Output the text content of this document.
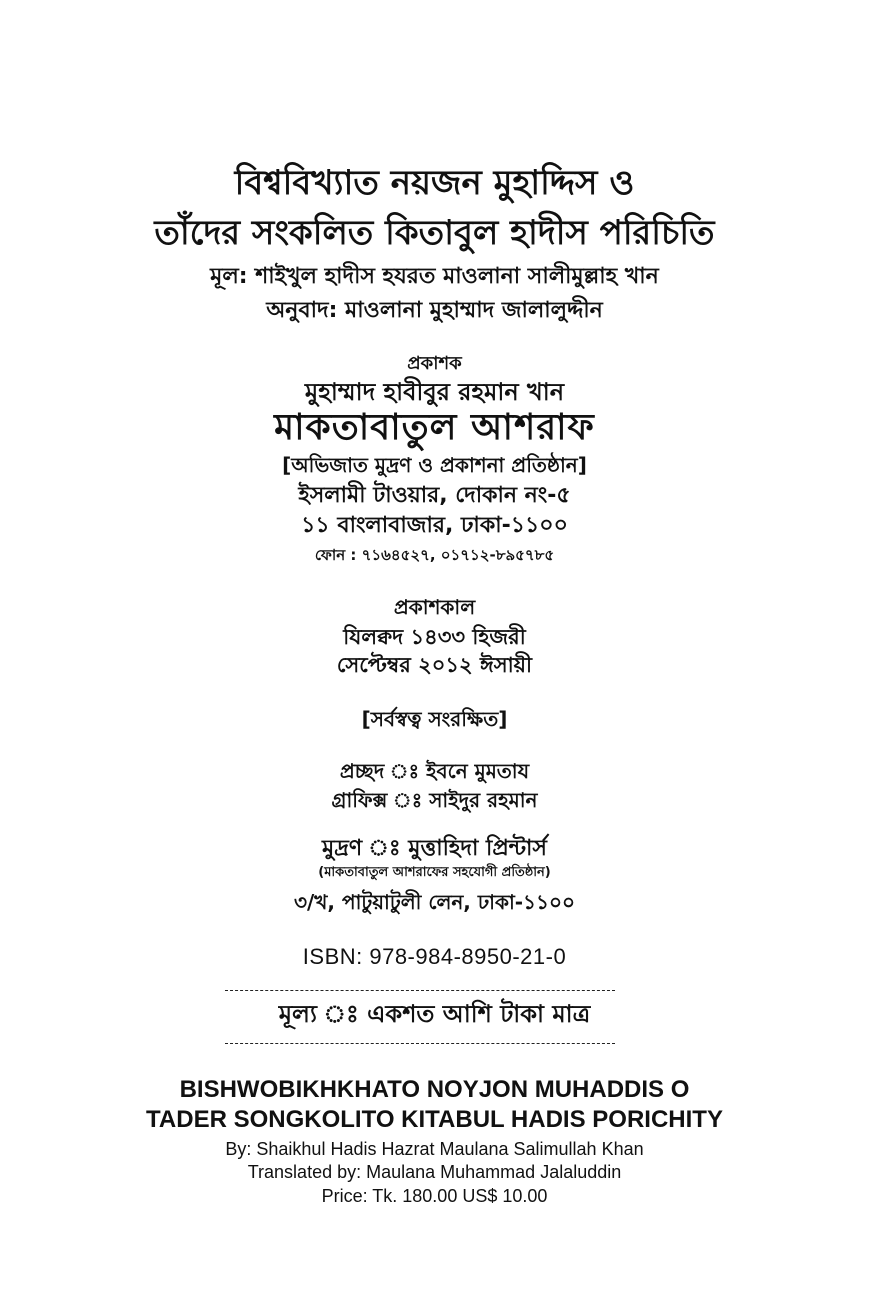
বিশ্ববিখ্যাত নয়জন মুহাদ্দিস ও
তাঁদের সংকলিত কিতাবুল হাদীস পরিচিতি
মূল: শাইখুল হাদীস হযরত মাওলানা সালীমুল্লাহ খান
অনুবাদ: মাওলানা মুহাম্মাদ জালালুদ্দীন
প্রকাশক
মুহাম্মাদ হাবীবুর রহমান খান
মাকতাবাতুল আশরাফ
[অভিজাত মুদ্রণ ও প্রকাশনা প্রতিষ্ঠান]
ইসলামী টাওয়ার, দোকান নং-৫
১১ বাংলাবাজার, ঢাকা-১১০০
ফোন : ৭১৬৪৫২৭, ০১৭১২-৮৯৫৭৮৫
প্রকাশকাল
যিলক্বদ ১৪৩৩ হিজরী
সেপ্টেম্বর ২০১২ ঈসায়ী
[সর্বস্বত্ব সংরক্ষিত]
প্রচ্ছদ ঃ ইবনে মুমতায
গ্রাফিক্স ঃ সাইদুর রহমান
মুদ্রণ ঃ মুত্তাহিদা প্রিন্টার্স
(মাকতাবাতুল আশরাফের সহযোগী প্রতিষ্ঠান)
৩/খ, পাটুয়াটুলী লেন, ঢাকা-১১০০
ISBN: 978-984-8950-21-0
মূল্য ঃ একশত আশি টাকা মাত্র
BISHWOBIKHKHATO NOYJON MUHADDIS O
TADER SONGKOLITO KITABUL HADIS PORICHITY
By: Shaikhul Hadis Hazrat Maulana Salimullah Khan
Translated by: Maulana Muhammad Jalaluddin
Price: Tk. 180.00 US$ 10.00
